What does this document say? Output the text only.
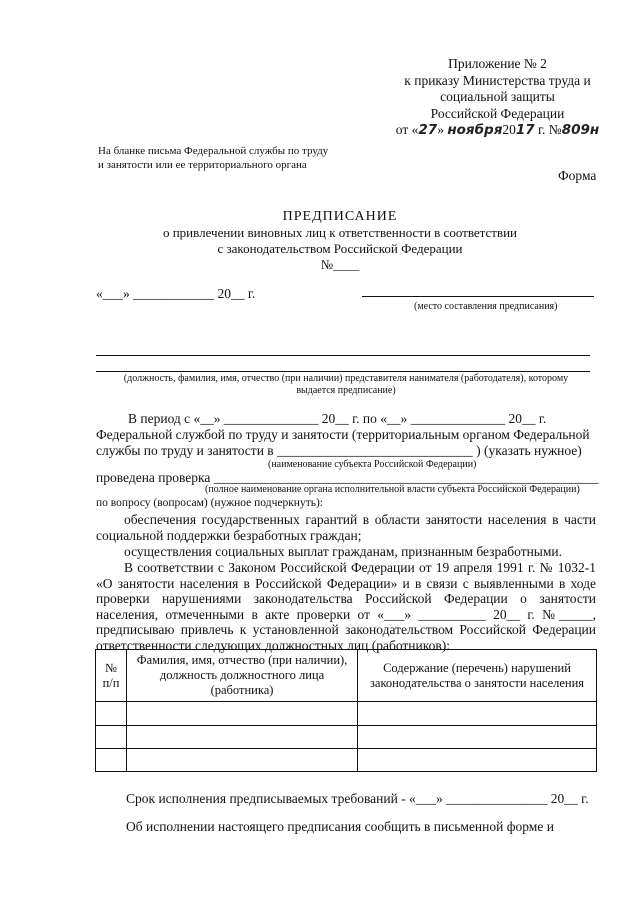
Приложение № 2
к приказу Министерства труда и
социальной защиты
Российской Федерации
от «27» ноября2017 г. №809н
На бланке письма Федеральной службы по труду
и занятости или ее территориального органа
Форма
ПРЕДПИСАНИЕ
о привлечении виновных лиц к ответственности в соответствии
с законодательством Российской Федерации
№____
«___» ____________ 20__ г.
(место составления предписания)
(должность, фамилия, имя, отчество (при наличии) представителя нанимателя (работодателя), которому выдается предписание)
В период с «__» ______________ 20__ г. по «__» ______________ 20__ г.
Федеральной службой по труду и занятости (территориальным органом Федеральной
службы по труду и занятости в _____________________________ ) (указать нужное)
(наименование субъекта Российской Федерации)
проведена проверка _________________________________________________________
(полное наименование органа исполнительной власти субъекта Российской Федерации)
по вопросу (вопросам) (нужное подчеркнуть):
обеспечения государственных гарантий в области занятости населения в части социальной поддержки безработных граждан;
осуществления социальных выплат гражданам, признанным безработными.
В соответствии с Законом Российской Федерации от 19 апреля 1991 г. № 1032-1 «О занятости населения в Российской Федерации» и в связи с выявленными в ходе проверки нарушениями законодательства Российской Федерации о занятости населения, отмеченными в акте проверки от «___» __________ 20__ г. №_____, предписываю привлечь к установленной законодательством Российской Федерации ответственности следующих должностных лиц (работников):
№ п/п	Фамилия, имя, отчество (при наличии), должность должностного лица (работника)	Содержание (перечень) нарушений законодательства о занятости населения

Срок исполнения предписываемых требований - «___» _______________ 20__ г.
Об исполнении настоящего предписания сообщить в письменной форме и
